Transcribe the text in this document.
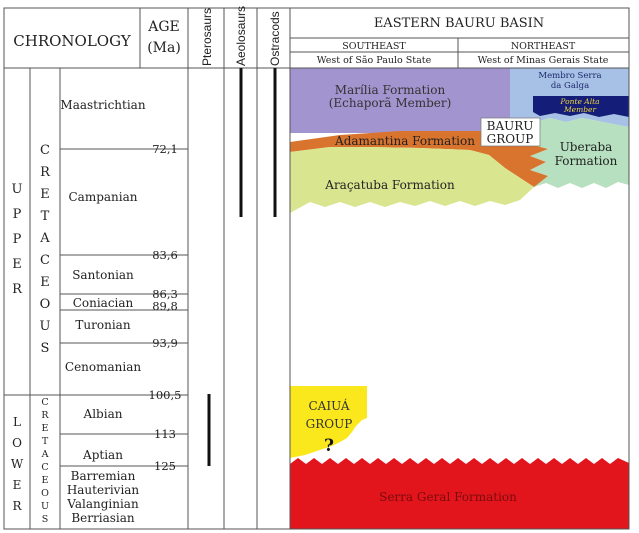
CHRONOLOGY
AGE
(Ma)
EASTERN BAURU BASIN
SOUTHEAST
West of São Paulo State
NORTHEAST
West of Minas Gerais State
Pterosaurs Aeolosaurs Ostracods
U
P
P
E
R
C
R
E
T
A
C
E
O
U
S
L
O
W
E
R
C
R
E
T
A
C
E
O
U
S
Maastrichtian
Campanian
Santonian
Coniacian
Turonian
Cenomanian
Albian
Aptian
Barremian
Hauterivian
Valanginian
Berriasian
72,1
83,6
86,3
89,8
93,9
100,5
113
125
Marília Formation
(Echaporã Member)
Membro Serra
da Galga
Ponte Alta
Member
Adamantina Formation	Uberaba
Formation
Araçatuba Formation
CAIUÁ
GROUP
?
Serra Geral Formation
BAURU
GROUP
